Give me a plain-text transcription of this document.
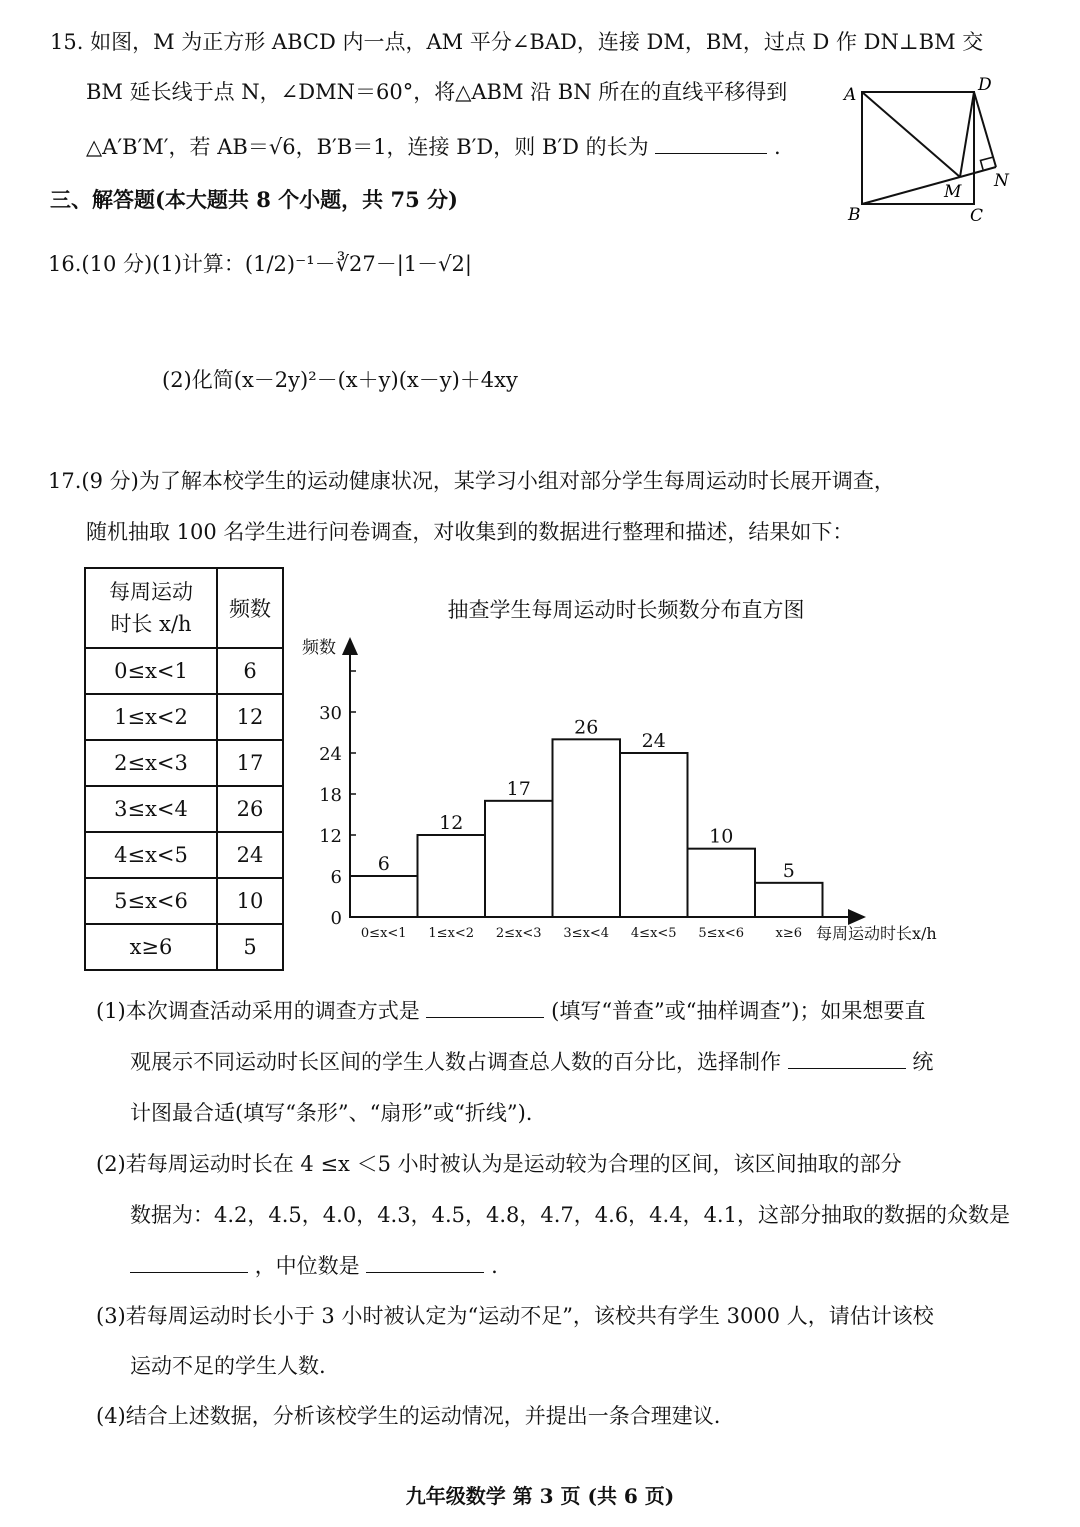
15. 如图，M 为正方形 ABCD 内一点，AM 平分∠BAD，连接 DM，BM，过点 D 作 DN⊥BM 交
BM 延长线于点 N，∠DMN＝60°，将△ABM 沿 BN 所在的直线平移得到
△A′B′M′，若 AB＝√6，B′B＝1，连接 B′D，则 B′D 的长为	.
A	D
B	C
M
N
三、解答题(本大题共 8 个小题，共 75 分)
16.(10 分)(1)计算：(1/2)⁻¹－∛27－|1－√2|
(2)化简(x－2y)²－(x＋y)(x－y)＋4xy
17.(9 分)为了解本校学生的运动健康状况，某学习小组对部分学生每周运动时长展开调查，
随机抽取 100 名学生进行问卷调查，对收集到的数据进行整理和描述，结果如下：
每周运动
时长 x/h	频数
0≤x<1	6
1≤x<2	12
2≤x<3	17
3≤x<4	26
4≤x<5	24
5≤x<6	10
x≥6	5
抽查学生每周运动时长频数分布直方图
频数
每周运动时长x/h
0
6
12
18
24
30
6
12
17
26
24
10
5
0≤x<1 1≤x<2 2≤x<3 3≤x<4 4≤x<5 5≤x<6 x≥6
(1)本次调查活动采用的调查方式是	(填写“普查”或“抽样调查”)；如果想要直
观展示不同运动时长区间的学生人数占调查总人数的百分比，选择制作	统
计图最合适(填写“条形”、“扇形”或“折线”).
(2)若每周运动时长在 4 ≤x ＜5 小时被认为是运动较为合理的区间，该区间抽取的部分
数据为：4.2，4.5，4.0，4.3，4.5，4.8，4.7，4.6，4.4，4.1，这部分抽取的数据的众数是
，中位数是	.
(3)若每周运动时长小于 3 小时被认定为“运动不足”，该校共有学生 3000 人，请估计该校
运动不足的学生人数.
(4)结合上述数据，分析该校学生的运动情况，并提出一条合理建议.
九年级数学 第 3 页 (共 6 页)
